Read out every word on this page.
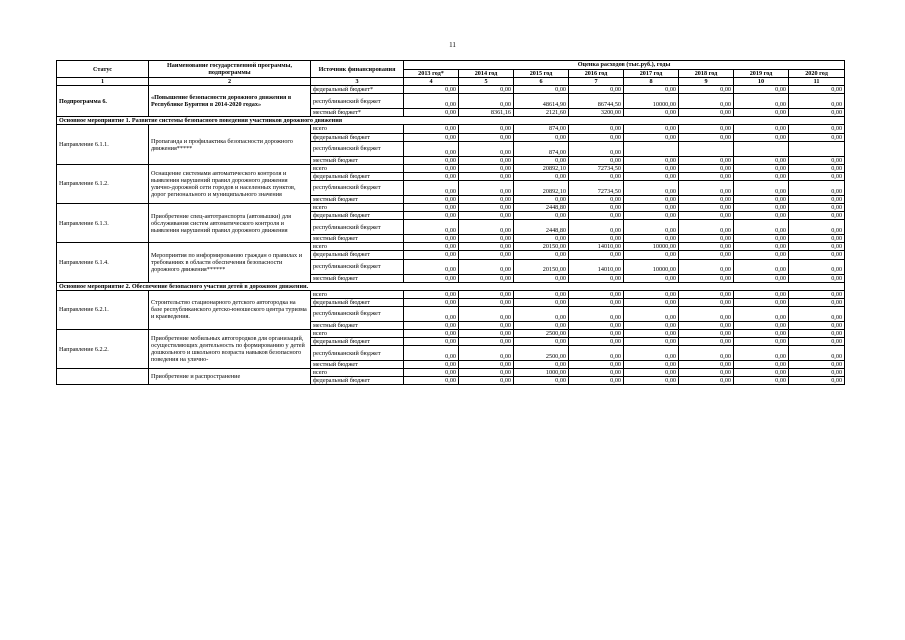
11
Статус	Наименование государственной программы, подпрограммы	Источник финансирования	Оценка расходов (тыс.руб.), годы							
			2013 год*	2014 год	2015 год	2016 год	2017 год	2018 год	2019 год	2020 год
1	2	3	4	5	6	7	8	9	10	11
Подпрограмма 6.	«Повышение безопасности дорожного движения в Республике Бурятия в 2014-2020 годах»	федеральный бюджет*	0,00	0,00	0,00	0,00	0,00	0,00	0,00	0,00
		республиканский бюджет	0,00	0,00	48614,90	86744,50	10000,00	0,00	0,00	0,00
		местный бюджет*	0,00	8361,16	2121,60	3200,00	0,00	0,00	0,00	0,00
Основное мероприятие 1. Развитие системы безопасного поведения участников дорожного движения										
Направление 6.1.1.	Пропаганда и профилактика безопасности дорожного движения*****	всего	0,00	0,00	874,00	0,00	0,00	0,00	0,00	0,00
		федеральный бюджет	0,00	0,00	0,00	0,00	0,00	0,00	0,00	0,00
		республиканский бюджет	0,00	0,00	874,00	0,00				
		местный бюджет	0,00	0,00	0,00	0,00	0,00	0,00	0,00	0,00
Направление 6.1.2.	Оснащение системами автоматического контроля и выявления нарушений правил дорожного движения улично-дорожной сети городов и населенных пунктов, дорог регионального и муниципального значения	всего	0,00	0,00	20892,10	72734,50	0,00	0,00	0,00	0,00
		федеральный бюджет	0,00	0,00	0,00	0,00	0,00	0,00	0,00	0,00
		республиканский бюджет	0,00	0,00	20892,10	72734,50	0,00	0,00	0,00	0,00
		местный бюджет	0,00	0,00	0,00	0,00	0,00	0,00	0,00	0,00
Направление 6.1.3.	Приобретение спец-автотранспорта (автовышки) для обслуживания систем автоматического контроля и выявления нарушений правил дорожного движения	всего	0,00	0,00	2448,80	0,00	0,00	0,00	0,00	0,00
		федеральный бюджет	0,00	0,00	0,00	0,00	0,00	0,00	0,00	0,00
		республиканский бюджет	0,00	0,00	2448,80	0,00	0,00	0,00	0,00	0,00
		местный бюджет	0,00	0,00	0,00	0,00	0,00	0,00	0,00	0,00
Направление 6.1.4.	Мероприятия по информированию граждан о правилах и требованиях в области обеспечения безопасности дорожного движения******	всего	0,00	0,00	20150,00	14010,00	10000,00	0,00	0,00	0,00
		федеральный бюджет	0,00	0,00	0,00	0,00	0,00	0,00	0,00	0,00
		республиканский бюджет	0,00	0,00	20150,00	14010,00	10000,00	0,00	0,00	0,00
		местный бюджет	0,00	0,00	0,00	0,00	0,00	0,00	0,00	0,00
Основное мероприятие 2. Обеспечение безопасного участия детей в дорожном движении.										
Направление 6.2.1.	Строительство стационарного детского автогородка на базе республиканского детско-юношеского центра туризма и краеведения.	всего	0,00	0,00	0,00	0,00	0,00	0,00	0,00	0,00
		федеральный бюджет	0,00	0,00	0,00	0,00	0,00	0,00	0,00	0,00
		республиканский бюджет	0,00	0,00	0,00	0,00	0,00	0,00	0,00	0,00
		местный бюджет	0,00	0,00	0,00	0,00	0,00	0,00	0,00	0,00
Направление 6.2.2.	Приобретение мобильных автогородков для организаций, осуществляющих деятельность по формированию у детей дошкольного и школьного возраста навыков безопасного поведения на улично-	всего	0,00	0,00	2500,00	0,00	0,00	0,00	0,00	0,00
		федеральный бюджет	0,00	0,00	0,00	0,00	0,00	0,00	0,00	0,00
		республиканский бюджет	0,00	0,00	2500,00	0,00	0,00	0,00	0,00	0,00
		местный бюджет	0,00	0,00	0,00	0,00	0,00	0,00	0,00	0,00
	Приобретение и распространение	всего	0,00	0,00	1000,00	0,00	0,00	0,00	0,00	0,00
		федеральный бюджет	0,00	0,00	0,00	0,00	0,00	0,00	0,00	0,00
